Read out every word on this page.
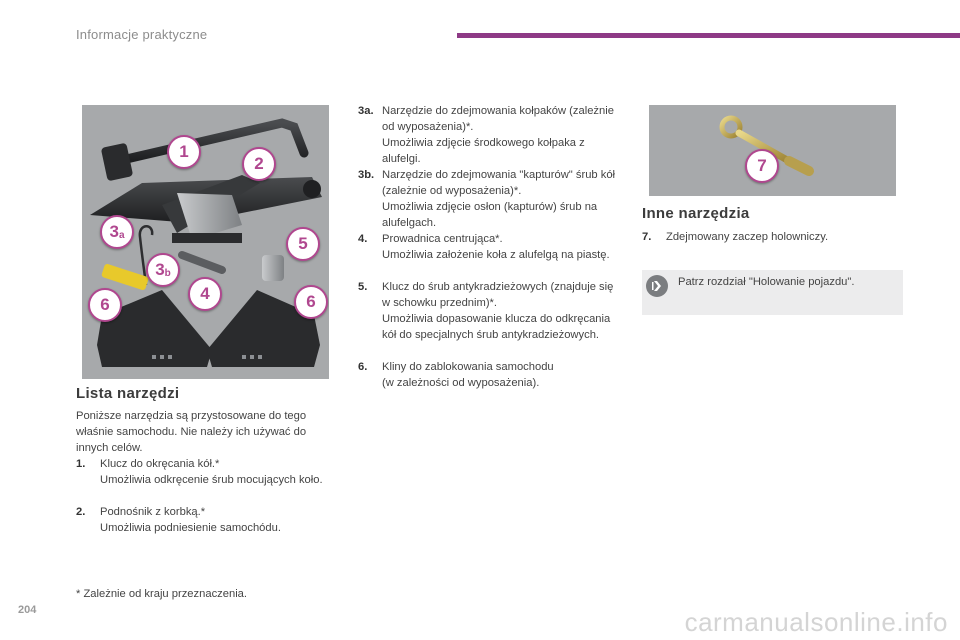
Informacje praktyczne
1
2
3 a
3 b
4
5
6	6
7
Lista narzędzi
Poniższe narzędzia są przystosowane do tego właśnie samochodu. Nie należy ich używać do innych celów.
1. Klucz do okręcania kół.*
Umożliwia odkręcenie śrub mocujących koło.
2. Podnośnik z korbką.*
Umożliwia podniesienie samochódu.
* Zależnie od kraju przeznaczenia.
3a. Narzędzie do zdejmowania kołpaków (zależnie od wyposażenia)*.
Umożliwia zdjęcie środkowego kołpaka z alufelgi.
3b. Narzędzie do zdejmowania "kapturów" śrub kół (zależnie od wyposażenia)*.
Umożliwia zdjęcie osłon (kapturów) śrub na alufelgach.
4. Prowadnica centrująca*.
Umożliwia założenie koła z alufelgą na piastę.
5. Klucz do śrub antykradzieżowych (znajduje się w schowku przednim)*.
Umożliwia dopasowanie klucza do odkręcania kół do specjalnych śrub antykradzieżowych.
6. Kliny do zablokowania samochodu
(w zależności od wyposażenia).
Inne narzędzia
7. Zdejmowany zaczep holowniczy.
Patrz rozdział "Holowanie pojazdu".
204	carmanualsonline.info
